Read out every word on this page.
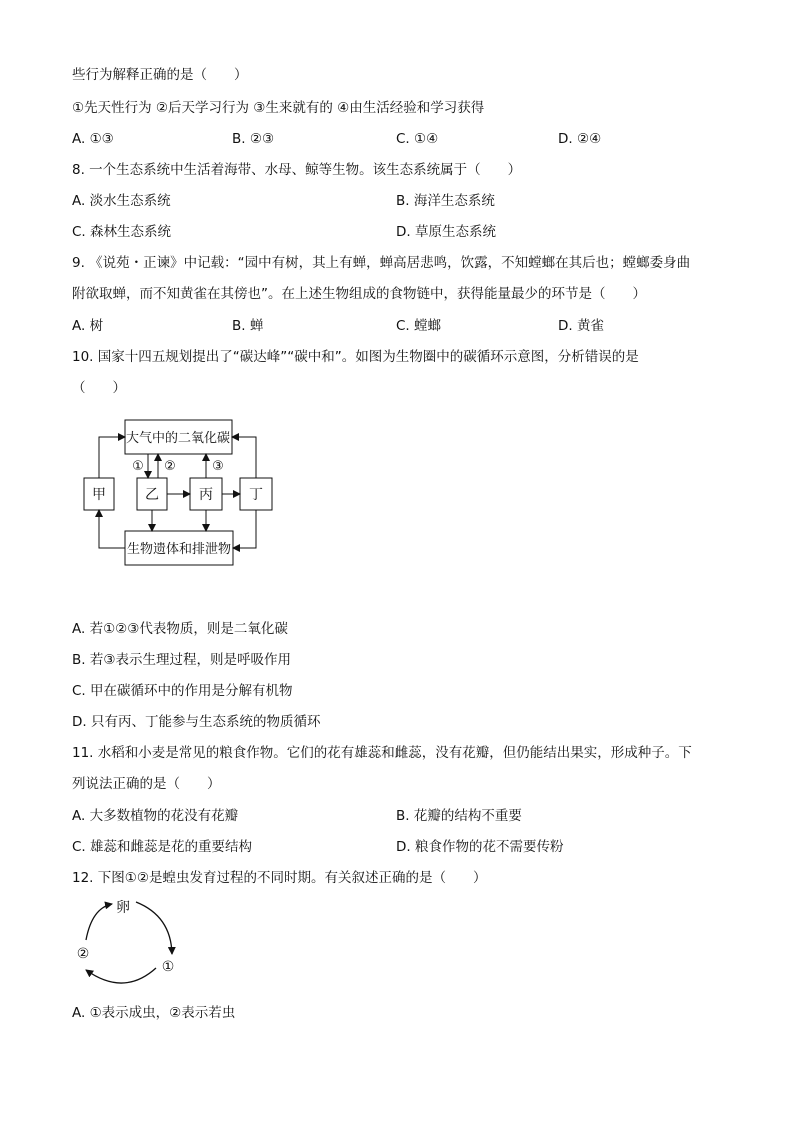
些行为解释正确的是（　　）
①先天性行为 ②后天学习行为 ③生来就有的 ④由生活经验和学习获得
A. ①③	B. ②③	C. ①④	D. ②④
8. 一个生态系统中生活着海带、水母、鲸等生物。该生态系统属于（　　）
A. 淡水生态系统	B. 海洋生态系统
C. 森林生态系统	D. 草原生态系统
9. 《说苑・正谏》中记载：“园中有树，其上有蝉，蝉高居悲鸣，饮露，不知螳螂在其后也；螳螂委身曲
附欲取蝉，而不知黄雀在其傍也”。在上述生物组成的食物链中，获得能量最少的环节是（　　）
A. 树	B. 蝉	C. 螳螂	D. 黄雀
10. 国家十四五规划提出了“碳达峰”“碳中和”。如图为生物圈中的碳循环示意图，分析错误的是
（　　）
大气中的二氧化碳
生物遗体和排泄物
甲	乙	丙	丁
① ②	③
卵
①
②
A. 若①②③代表物质，则是二氧化碳
B. 若③表示生理过程，则是呼吸作用
C. 甲在碳循环中的作用是分解有机物
D. 只有丙、丁能参与生态系统的物质循环
11. 水稻和小麦是常见的粮食作物。它们的花有雄蕊和雌蕊，没有花瓣，但仍能结出果实，形成种子。下
列说法正确的是（　　）
A. 大多数植物的花没有花瓣	B. 花瓣的结构不重要
C. 雄蕊和雌蕊是花的重要结构	D. 粮食作物的花不需要传粉
12. 下图①②是蝗虫发育过程的不同时期。有关叙述正确的是（　　）
A. ①表示成虫，②表示若虫
